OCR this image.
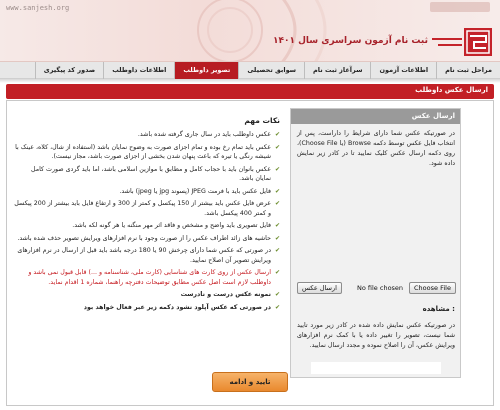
www.sanjesh.org
ثبت نام آزمون سراسری سال ۱۴۰۱
مراحل ثبت نام
اطلاعات آزمون
سرآغاز ثبت نام
سوابق تحصیلی
تصویر داوطلب
اطلاعات داوطلب
صدور کد پیگیری
ارسال عکس داوطلب
ارسال عکس
در صورتیکه عکس شما دارای شرایط را داراست، پس از انتخاب فایل عکس توسط دکمه Browse (یا Choose File)، روی دکمه ارسال عکس کلیک نمایید تا در کادر زیر نمایش داده شود.
ارسال عکس	No file chosen	Choose File
مشاهده :
در صورتیکه عکس نمایش داده شده در کادر زیر مورد تایید شما نیست، تصویر را تغییر داده یا با کمک نرم افزارهای ویرایش عکس، آن را اصلاح نموده و مجدد ارسال نمایید.
نکات مهم
✔
عکس داوطلب باید در سال جاری گرفته شده باشد.
✔
عکس باید تمام رخ بوده و تمام اجزای صورت به وضوح نمایان باشد (استفاده از شال، کلاه، عینک با شیشه رنگی یا تیره که باعث پنهان شدن بخشی از اجزای صورت باشد، مجاز نیست).
✔
عکس بانوان باید با حجاب کامل و مطابق با موازین اسلامی باشد، اما باید گردی صورت کامل نمایان باشد.
✔
فایل عکس باید با فرمت JPEG (پسوند jpg یا jpeg) باشد.
✔
عرض فایل عکس باید بیشتر از 150 پیکسل و کمتر از 300 و ارتفاع فایل باید بیشتر از 200 پیکسل و کمتر 400 پیکسل باشد.
✔
فایل تصویری باید واضح و مشخص و فاقد اثر مهر منگنه یا هر گونه لکه باشد.
✔
حاشیه های زائد اطراف عکس را از صورت وجود با نرم افزارهای ویرایش تصویر حذف شده باشد.
✔
در صورتی که عکس شما دارای چرخش 90 یا 180 درجه باشد باید قبل از ارسال در نرم افزارهای ویرایش تصویر آن اصلاح نمایید.
✔
ارسال عکس از روی کارت های شناسایی (کارت ملی، شناسنامه و ...) قابل قبول نمی باشد و داوطلب لازم است اصل عکس مطابق توضیحات دفترچه راهنما، شماره 1 اقدام نماید.
✔
نمونه عکس درست و نادرست
✔
در صورتی که عکس آپلود نشود دکمه زیر عبر فعال خواهد بود
تایید و ادامه
